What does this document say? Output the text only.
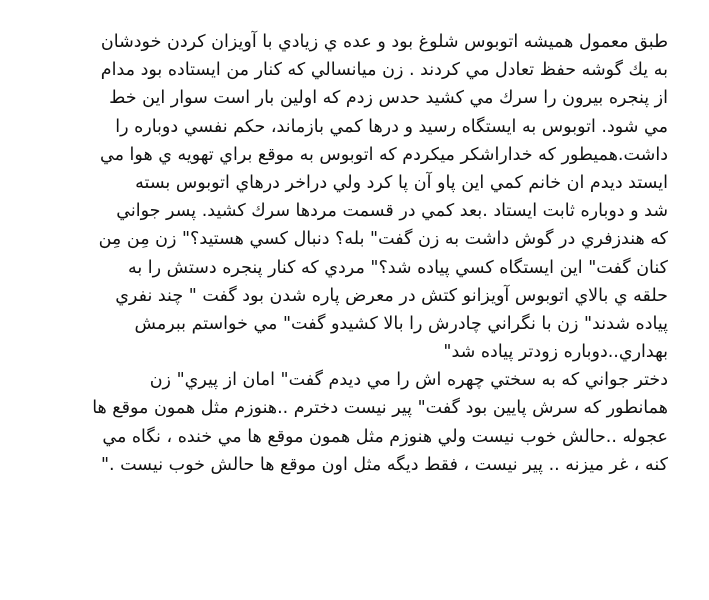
طبق معمول هميشه اتوبوس شلوغ بود و عده ي زيادي با آويزان كردن خودشان
به يك گوشه حفظ تعادل مي كردند . زن ميانسالي كه كنار من ايستاده بود مدام
از پنجره بيرون را سرك مي كشيد حدس زدم كه اولين بار است سوار اين خط
مي شود. اتوبوس به ايستگاه رسيد و درها كمي بازماند، حكم نفسي دوباره را
داشت.هميطور كه خداراشكر ميكردم كه اتوبوس به موقع براي تهويه ي هوا مي
ايستد ديدم ان خانم كمي اين پاو آن پا كرد ولي دراخر درهاي اتوبوس بسته
شد و دوباره ثابت ايستاد .بعد كمي در قسمت مردها سرك كشيد. پسر جواني
كه هندزفري در گوش داشت به زن گفت" بله؟ دنبال كسي هستيد؟" زن مِن مِن
كنان گفت" اين ايستگاه كسي پياده شد؟" مردي كه كنار پنجره دستش را به
حلقه ي بالاي اتوبوس آويزانو كتش در معرض پاره شدن بود گفت " چند نفري
پياده شدند" زن با نگراني چادرش را بالا كشيدو گفت" مي خواستم ببرمش
بهداري..دوباره زودتر پياده شد"
دختر جواني كه به سختي چهره اش را مي ديدم گفت" امان از پيري" زن
همانطور كه سرش پايين بود گفت" پير نيست دخترم ..هنوزم مثل همون موقع ها
عجوله ..حالش خوب نيست ولي هنوزم مثل همون موقع ها مي خنده ، نگاه مي
كنه ، غر ميزنه .. پير نيست ، فقط ديگه مثل اون موقع ها حالش خوب نيست ."
